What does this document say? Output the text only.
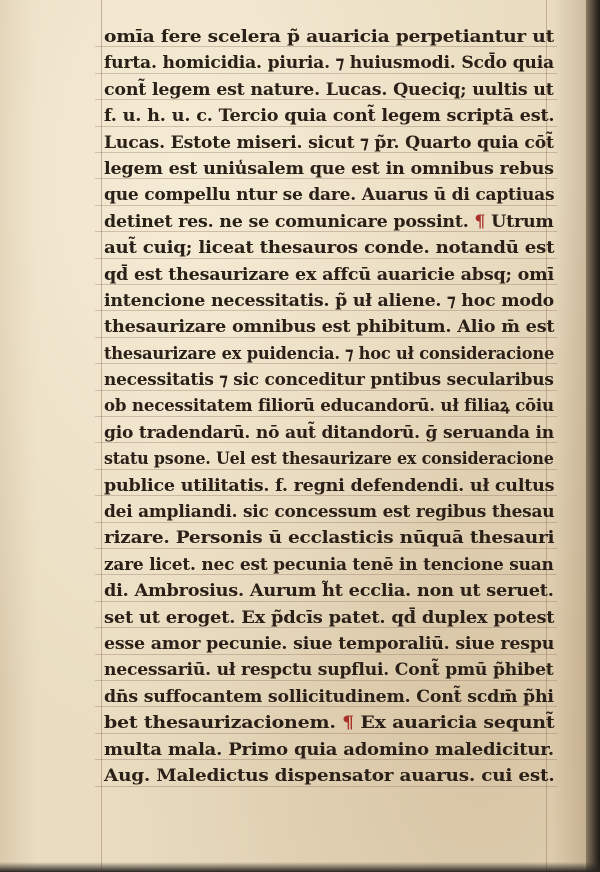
omīa fere scelera p̃ auaricia perpetiantur ut
furta. homicidia. piuria. ⁊ huiusmodi. Scd̄o quia
cont̃ legem est nature. Lucas. Queciq; uultis ut
f. u. h. u. c. Tercio quia cont̃ legem scriptā est.
Lucas. Estote miseri. sicut ⁊ p̃r. Quarto quia cōt̃
legem est uniu̾salem que est in omnibus rebus
que compellu ntur se dare. Auarus ū di captiuas
detinet res. ne se comunicare possint. ¶ Utrum
aut̃ cuiq; liceat thesauros conde. notandū est
qd̄ est thesaurizare ex affcū auaricie absq; omī
intencione necessitatis. p̃ uł aliene. ⁊ hoc modo
thesaurizare omnibus est phibitum. Alio m̄ est
thesaurizare ex puidencia. ⁊ hoc uł consideracione
necessitatis ⁊ sic conceditur pntibus secularibus
ob necessitatem filiorū educandorū. uł filiaꝝ cōiu
gio tradendarū. nō aut̃ ditandorū. ḡ seruanda in
statu psone. Uel est thesaurizare ex consideracione
publice utilitatis. f. regni defendendi. uł cultus
dei ampliandi. sic concessum est regibus thesau
rizare. Personis ū ecclasticis nūquā thesauri
zare licet. nec est pecunia tenē in tencione suan
di. Ambrosius. Aurum h̃t ecclia. non ut seruet.
set ut eroget. Ex p̃dcīs patet. qd̄ duplex potest
esse amor pecunie. siue temporaliū. siue respu
necessariū. uł respctu supflui. Cont̃ pmū p̃hibet
dn̄s suffocantem sollicitudinem. Cont̃ scdm̄ p̃hi
bet thesaurizacionem. ¶ Ex auaricia sequnt̃
multa mala. Primo quia adomino maledicitur.
Aug. Maledictus dispensator auarus. cui est.
